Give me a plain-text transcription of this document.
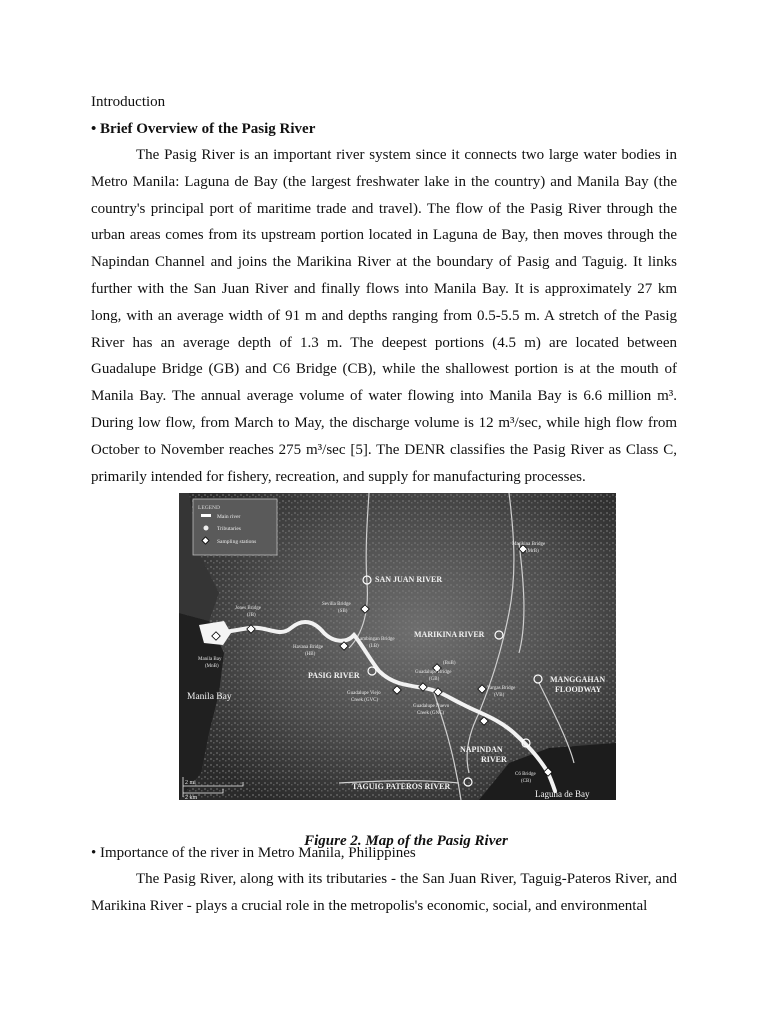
Introduction

• Brief Overview of the Pasig River

The Pasig River is an important river system since it connects two large water bodies in Metro Manila: Laguna de Bay (the largest freshwater lake in the country) and Manila Bay (the country's principal port of maritime trade and travel). The flow of the Pasig River through the urban areas comes from its upstream portion located in Laguna de Bay, then moves through the Napindan Channel and joins the Marikina River at the boundary of Pasig and Taguig. It links further with the San Juan River and finally flows into Manila Bay. It is approximately 27 km long, with an average width of 91 m and depths ranging from 0.5-5.5 m. A stretch of the Pasig River has an average depth of 1.3 m. The deepest portions (4.5 m) are located between Guadalupe Bridge (GB) and C6 Bridge (CB), while the shallowest portion is at the mouth of Manila Bay. The annual average volume of water flowing into Manila Bay is 6.6 million m³. During low flow, from March to May, the discharge volume is 12 m³/sec, while high flow from October to November reaches 275 m³/sec [5]. The DENR classifies the Pasig River as Class C, primarily intended for fishery, recreation, and supply for manufacturing processes.

LEGEND
Main river
Tributaries
Sampling stations
SAN JUAN RIVER
MARIKINA RIVER
PASIG RIVER	MANGGAHAN
FLOODWAY
NAPINDAN
RIVER
TAGUIG PATEROS RIVER
Manila Bay
Laguna de Bay
Marikina Bridge
(MrB)
Sevilla Bridge
(SB)
Jones Bridge
(JB)
Manila Bay
(MnB)
Lambingan Bridge
(LB)
Havana Bridge
(HB)
(BuB)
Guadalupe Bridge
(GB)
Guadalupe Viejo
Creek (GVC)
Guadalupe Nuevo
Creek (GNC)
Vargas Bridge
(VB)
C6 Bridge
(CB)
2 mi
2 km

Figure 2. Map of the Pasig River

• Importance of the river in Metro Manila, Philippines

The Pasig River, along with its tributaries - the San Juan River, Taguig-Pateros River, and Marikina River - plays a crucial role in the metropolis's economic, social, and environmental
